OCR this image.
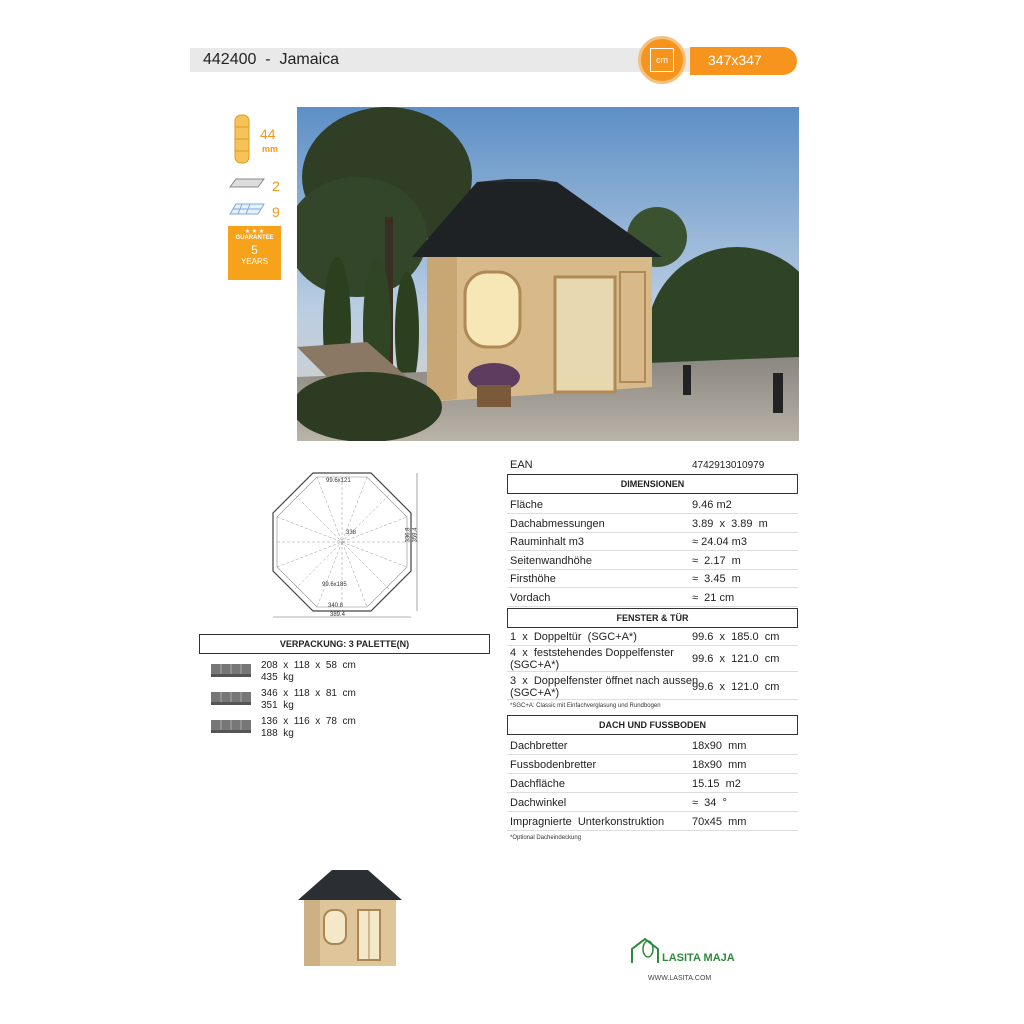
442400  -  Jamaica	347x347
cm
44
mm
2
9
★ ★ ★
GUARANTEE
5
YEARS
99.6x121
99.6x185
338
340.8
389.4
336.8 359.4
EAN	4742913010979
DIMENSIONEN
Fläche	9.46 m2
Dachabmessungen	3.89  x  3.89  m
Rauminhalt m3	≈ 24.04 m3
Seitenwandhöhe	≈  2.17  m
Firsthöhe	≈  3.45  m
Vordach	≈  21 cm
FENSTER & TÜR
1  x  Doppeltür  (SGC+A*)	99.6  x  185.0  cm
4  x  feststehendes Doppelfenster
(SGC+A*)	99.6  x  121.0  cm
3  x  Doppelfenster öffnet nach aussen
(SGC+A*)	99.6  x  121.0  cm
*SGC+A: Classic mit Einfachverglasung und Rundbogen
DACH UND FUSSBODEN
Dachbretter	18x90  mm
Fussbodenbretter	18x90  mm
Dachfläche	15.15  m2
Dachwinkel	≈  34  °
Impragnierte  Unterkonstruktion	70x45  mm
*Optional Dacheindeckung
VERPACKUNG: 3 PALETTE(N)
208  x  118  x  58  cm
435  kg
346  x  118  x  81  cm
351  kg
136  x  116  x  78  cm
188  kg
LASITA MAJA
WWW.LASITA.COM
